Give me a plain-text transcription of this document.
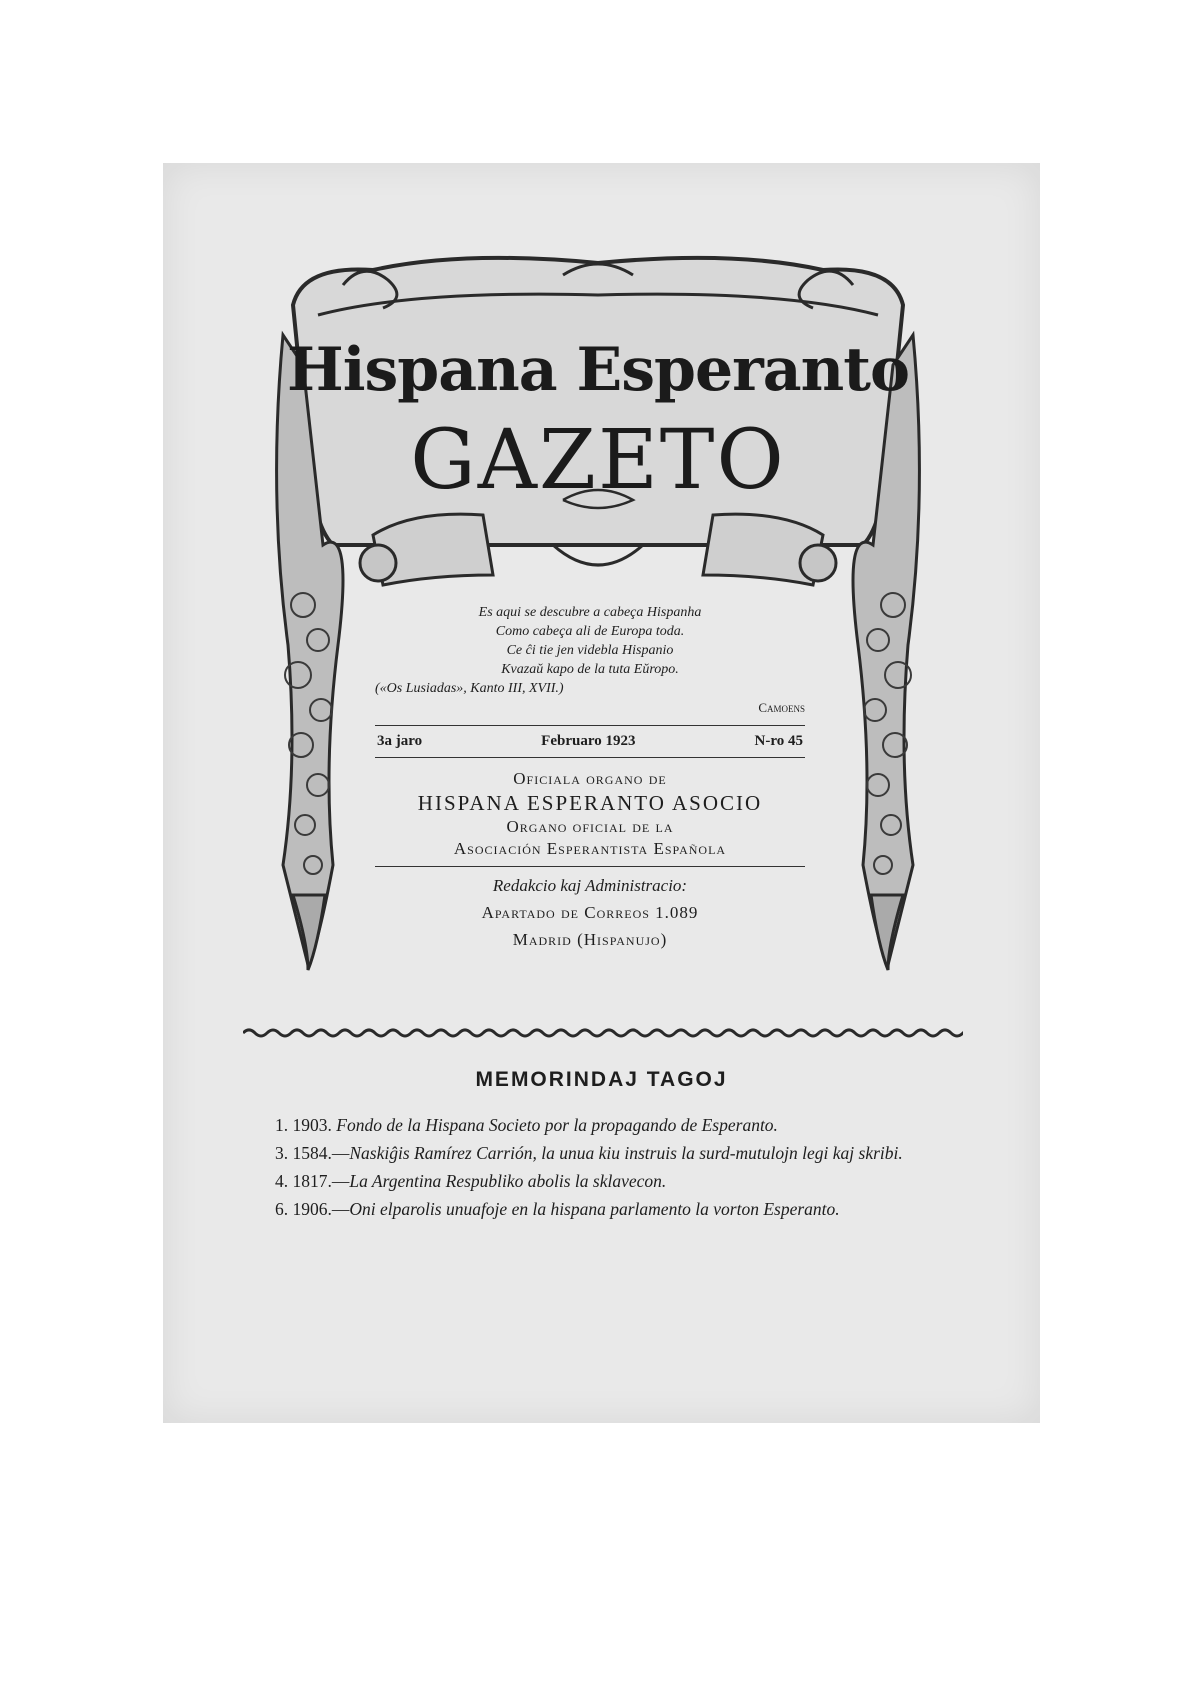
Hispana Esperanto
GAZETO
Es aqui se descubre a cabeça Hispanha
Como cabeça ali de Europa toda.
Ce ĉi tie jen videbla Hispanio
Kvazaŭ kapo de la tuta Eŭropo.
(«Os Lusiadas», Kanto III, XVII.)
Camoens
3a jaro	Februaro 1923	N-ro 45
Oficiala organo de
HISPANA ESPERANTO ASOCIO
Organo oficial de la
Asociación Esperantista Española
Redakcio kaj Administracio:
Apartado de Correos 1.089
Madrid (Hispanujo)
MEMORINDAJ TAGOJ

1. 1903. Fondo de la Hispana Societo por la propagando de Esperanto.

3. 1584.—Naskiĝis Ramírez Carrión, la unua kiu instruis la surd-mutulojn legi kaj skribi.

4. 1817.—La Argentina Respubliko abolis la sklavecon.

6. 1906.—Oni elparolis unuafoje en la hispana parlamento la vorton Esperanto.
